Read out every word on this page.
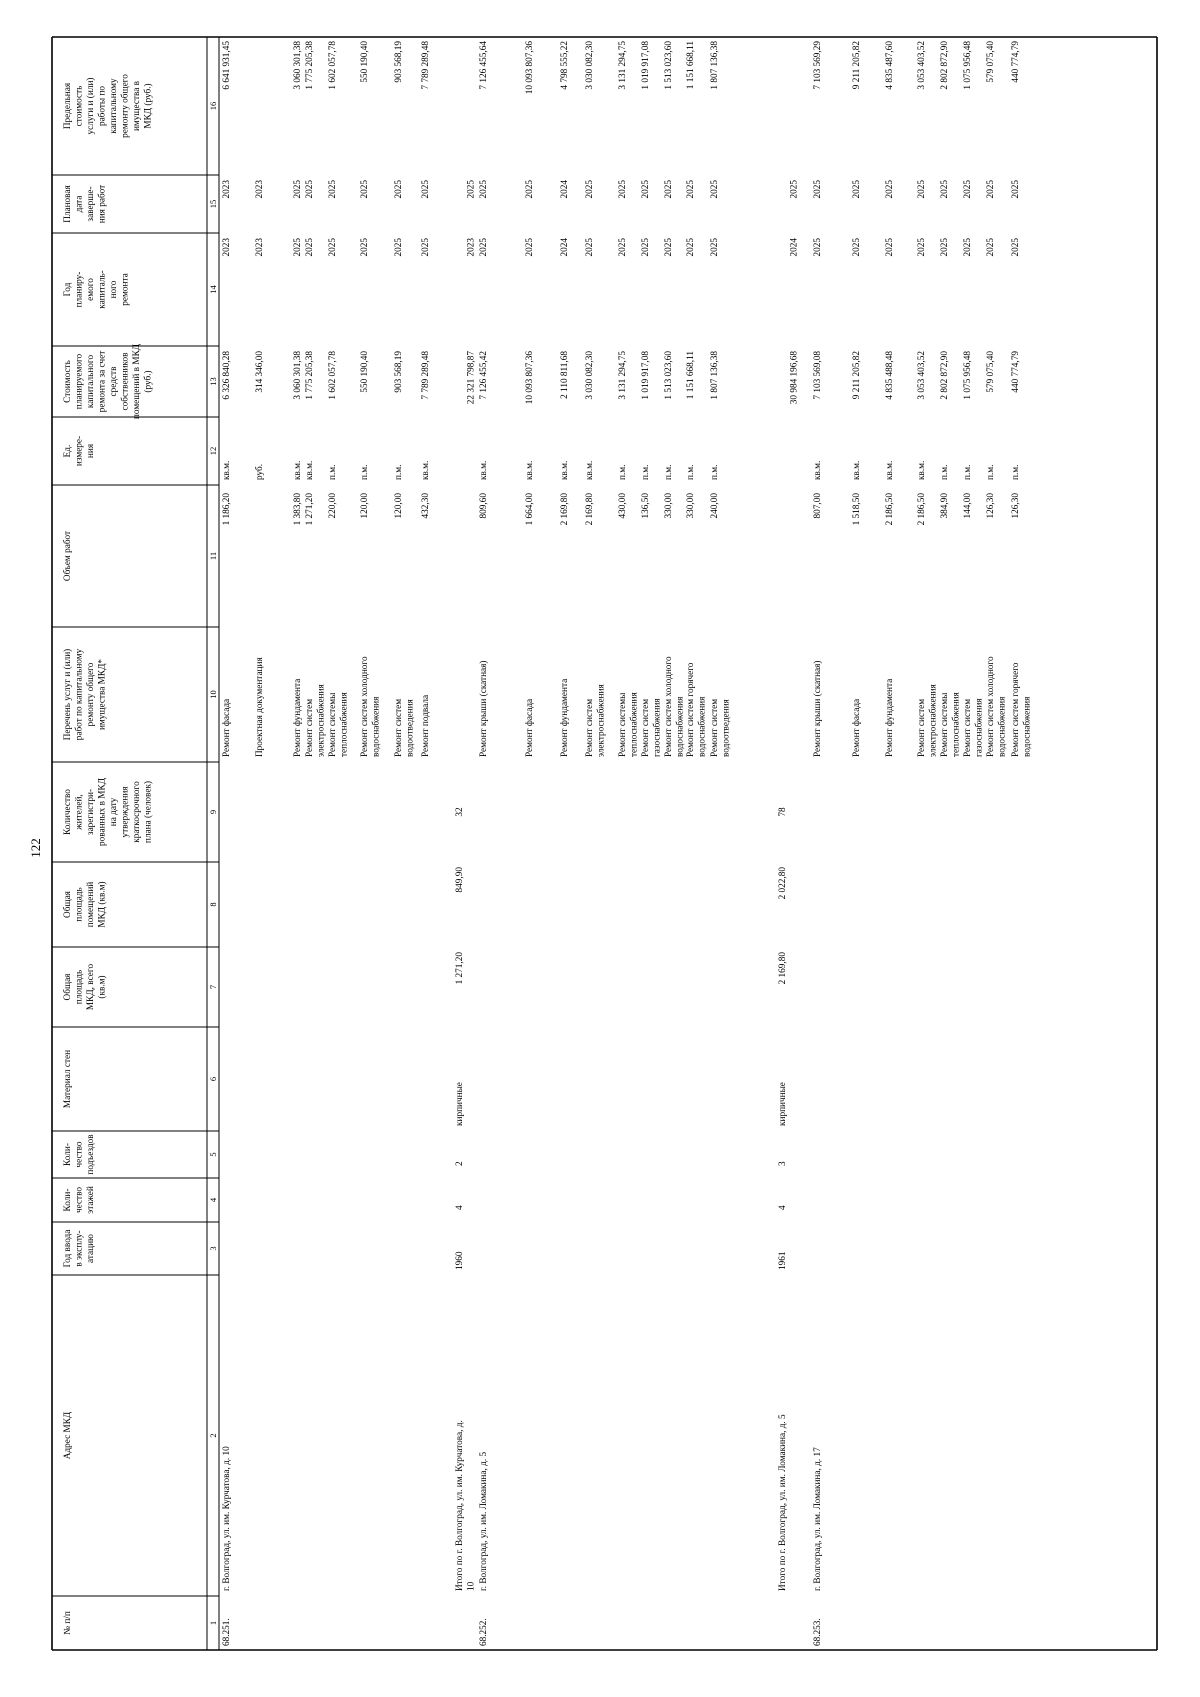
122
№ п/п
Адрес МКД
Год ввода в эксплу- атацию
Коли- чество этажей
Коли- чество подъездов
Материал стен
Общая площадь МКД, всего (кв.м)
Общая площадь помещений МКД (кв.м)
Количество жителей, зарегистри- рованных в МКД на дату утверждения краткосрочного плана (человек)
Перечень услуг и (или) работ по капитальному ремонту общего имущества МКД*
Объем работ
Ед. измере- ния
Стоимость планируемого капитального ремонта за счет средств собственников помещений в МКД (руб.)
Год планиру- емого капиталь- ного ремонта
Плановая дата заверше- ния работ
Предельная стоимость услуги и (или) работы по капитальному ремонту общего имущества в МКД (руб.)
1
2
3
4
5
6
7
8
9
10
11
12
13
14
15
16
68.251.
кв.м.
г. Волгоград, ул. им. Курчатова, д. 10
Ремонт фасада
1 186,20
6 326 840,28
2023
2023
6 641 931,45
руб.
Проектная документация
314 346,00
2023
2023
кв.м.
Ремонт фундамента
1 383,80
3 060 301,38
2025
2025
3 060 301,38
кв.м.
Ремонт систем электроснабжения
1 271,20
1 775 205,38
2025
2025
1 775 205,38
п.м.
Ремонт системы теплоснабжения
220,00
1 602 057,78
2025
2025
1 602 057,78
п.м.
Ремонт систем холодного водоснабжения
120,00
550 190,40
2025
2025
550 190,40
п.м.
Ремонт систем водоотведения
120,00
903 568,19
2025
2025
903 568,19
кв.м.
Ремонт подвала
432,30
7 789 289,48
2025
2025
7 789 289,48
1960
4
2
кирпичные
Итого по г. Волгоград, ул. им. Курчатова, д. 10
1 271,20
849,90
22 321 798,87
2023
2025
32
68.252.
кв.м.
г. Волгоград, ул. им. Ломакина, д. 5
Ремонт крыши (скатная)
809,60
7 126 455,42
2025
2025
7 126 455,64
кв.м.
Ремонт фасада
1 664,00
10 093 807,36
2025
2025
10 093 807,36
кв.м.
Ремонт фундамента
2 169,80
2 110 811,68
2024
2024
4 798 555,22
кв.м.
Ремонт систем электроснабжения
2 169,80
3 030 082,30
2025
2025
3 030 082,30
п.м.
Ремонт системы теплоснабжения
430,00
3 131 294,75
2025
2025
3 131 294,75
п.м.
Ремонт систем газоснабжения
136,50
1 019 917,08
2025
2025
1 019 917,08
п.м.
Ремонт систем холодного водоснабжения
330,00
1 513 023,60
2025
2025
1 513 023,60
п.м.
Ремонт систем горячего водоснабжения
330,00
1 151 668,11
2025
2025
1 151 668,11
п.м.
Ремонт систем водоотведения
240,00
1 807 136,38
2025
2025
1 807 136,38
1961
4
3
кирпичные
Итого по г. Волгоград, ул. им. Ломакина, д. 5
2 169,80
2 022,80
30 984 196,68
2024
2025
78
68.253.
кв.м.
г. Волгоград, ул. им. Ломакина, д. 17
Ремонт крыши (скатная)
807,00
7 103 569,08
2025
2025
7 103 569,29
кв.м.
Ремонт фасада
1 518,50
9 211 205,82
2025
2025
9 211 205,82
кв.м.
Ремонт фундамента
2 186,50
4 835 488,48
2025
2025
4 835 487,60
кв.м.
Ремонт систем электроснабжения
2 186,50
3 053 403,52
2025
2025
3 053 403,52
п.м.
Ремонт системы теплоснабжения
384,90
2 802 872,90
2025
2025
2 802 872,90
п.м.
Ремонт систем газоснабжения
144,00
1 075 956,48
2025
2025
1 075 956,48
п.м.
Ремонт систем холодного водоснабжения
126,30
579 075,40
2025
2025
579 075,40
п.м.
Ремонт систем горячего водоснабжения
126,30
440 774,79
2025
2025
440 774,79
